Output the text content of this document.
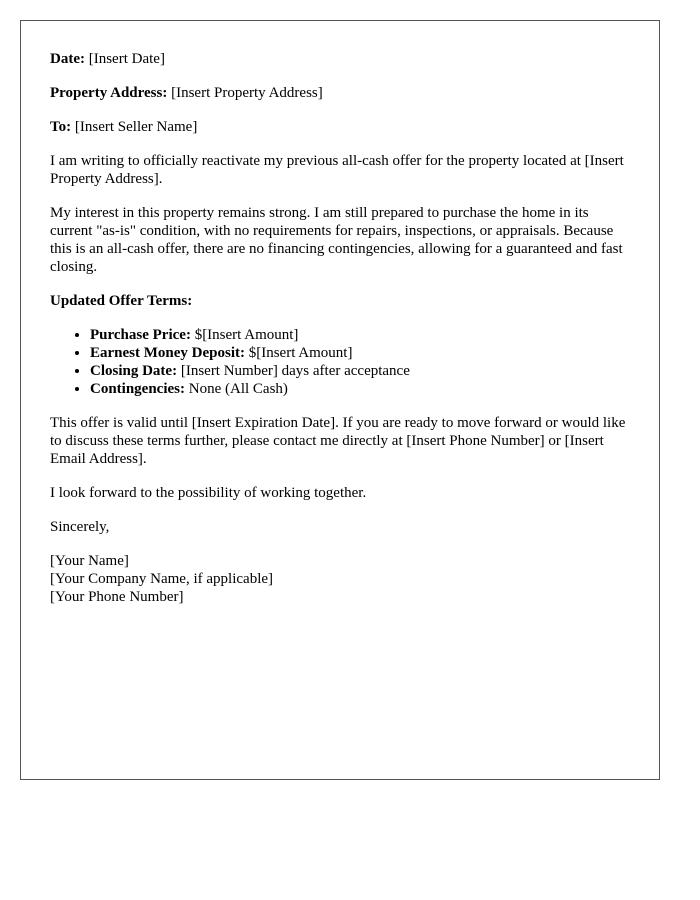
Date: [Insert Date]

Property Address: [Insert Property Address]

To: [Insert Seller Name]

I am writing to officially reactivate my previous all-cash offer for the property located at [Insert Property Address].

My interest in this property remains strong. I am still prepared to purchase the home in its current "as-is" condition, with no requirements for repairs, inspections, or appraisals. Because this is an all-cash offer, there are no financing contingencies, allowing for a guaranteed and fast closing.

Updated Offer Terms:

• Purchase Price: $[Insert Amount]
• Earnest Money Deposit: $[Insert Amount]
• Closing Date: [Insert Number] days after acceptance
• Contingencies: None (All Cash)

This offer is valid until [Insert Expiration Date]. If you are ready to move forward or would like to discuss these terms further, please contact me directly at [Insert Phone Number] or [Insert Email Address].

I look forward to the possibility of working together.

Sincerely,

[Your Name]
[Your Company Name, if applicable]
[Your Phone Number]
